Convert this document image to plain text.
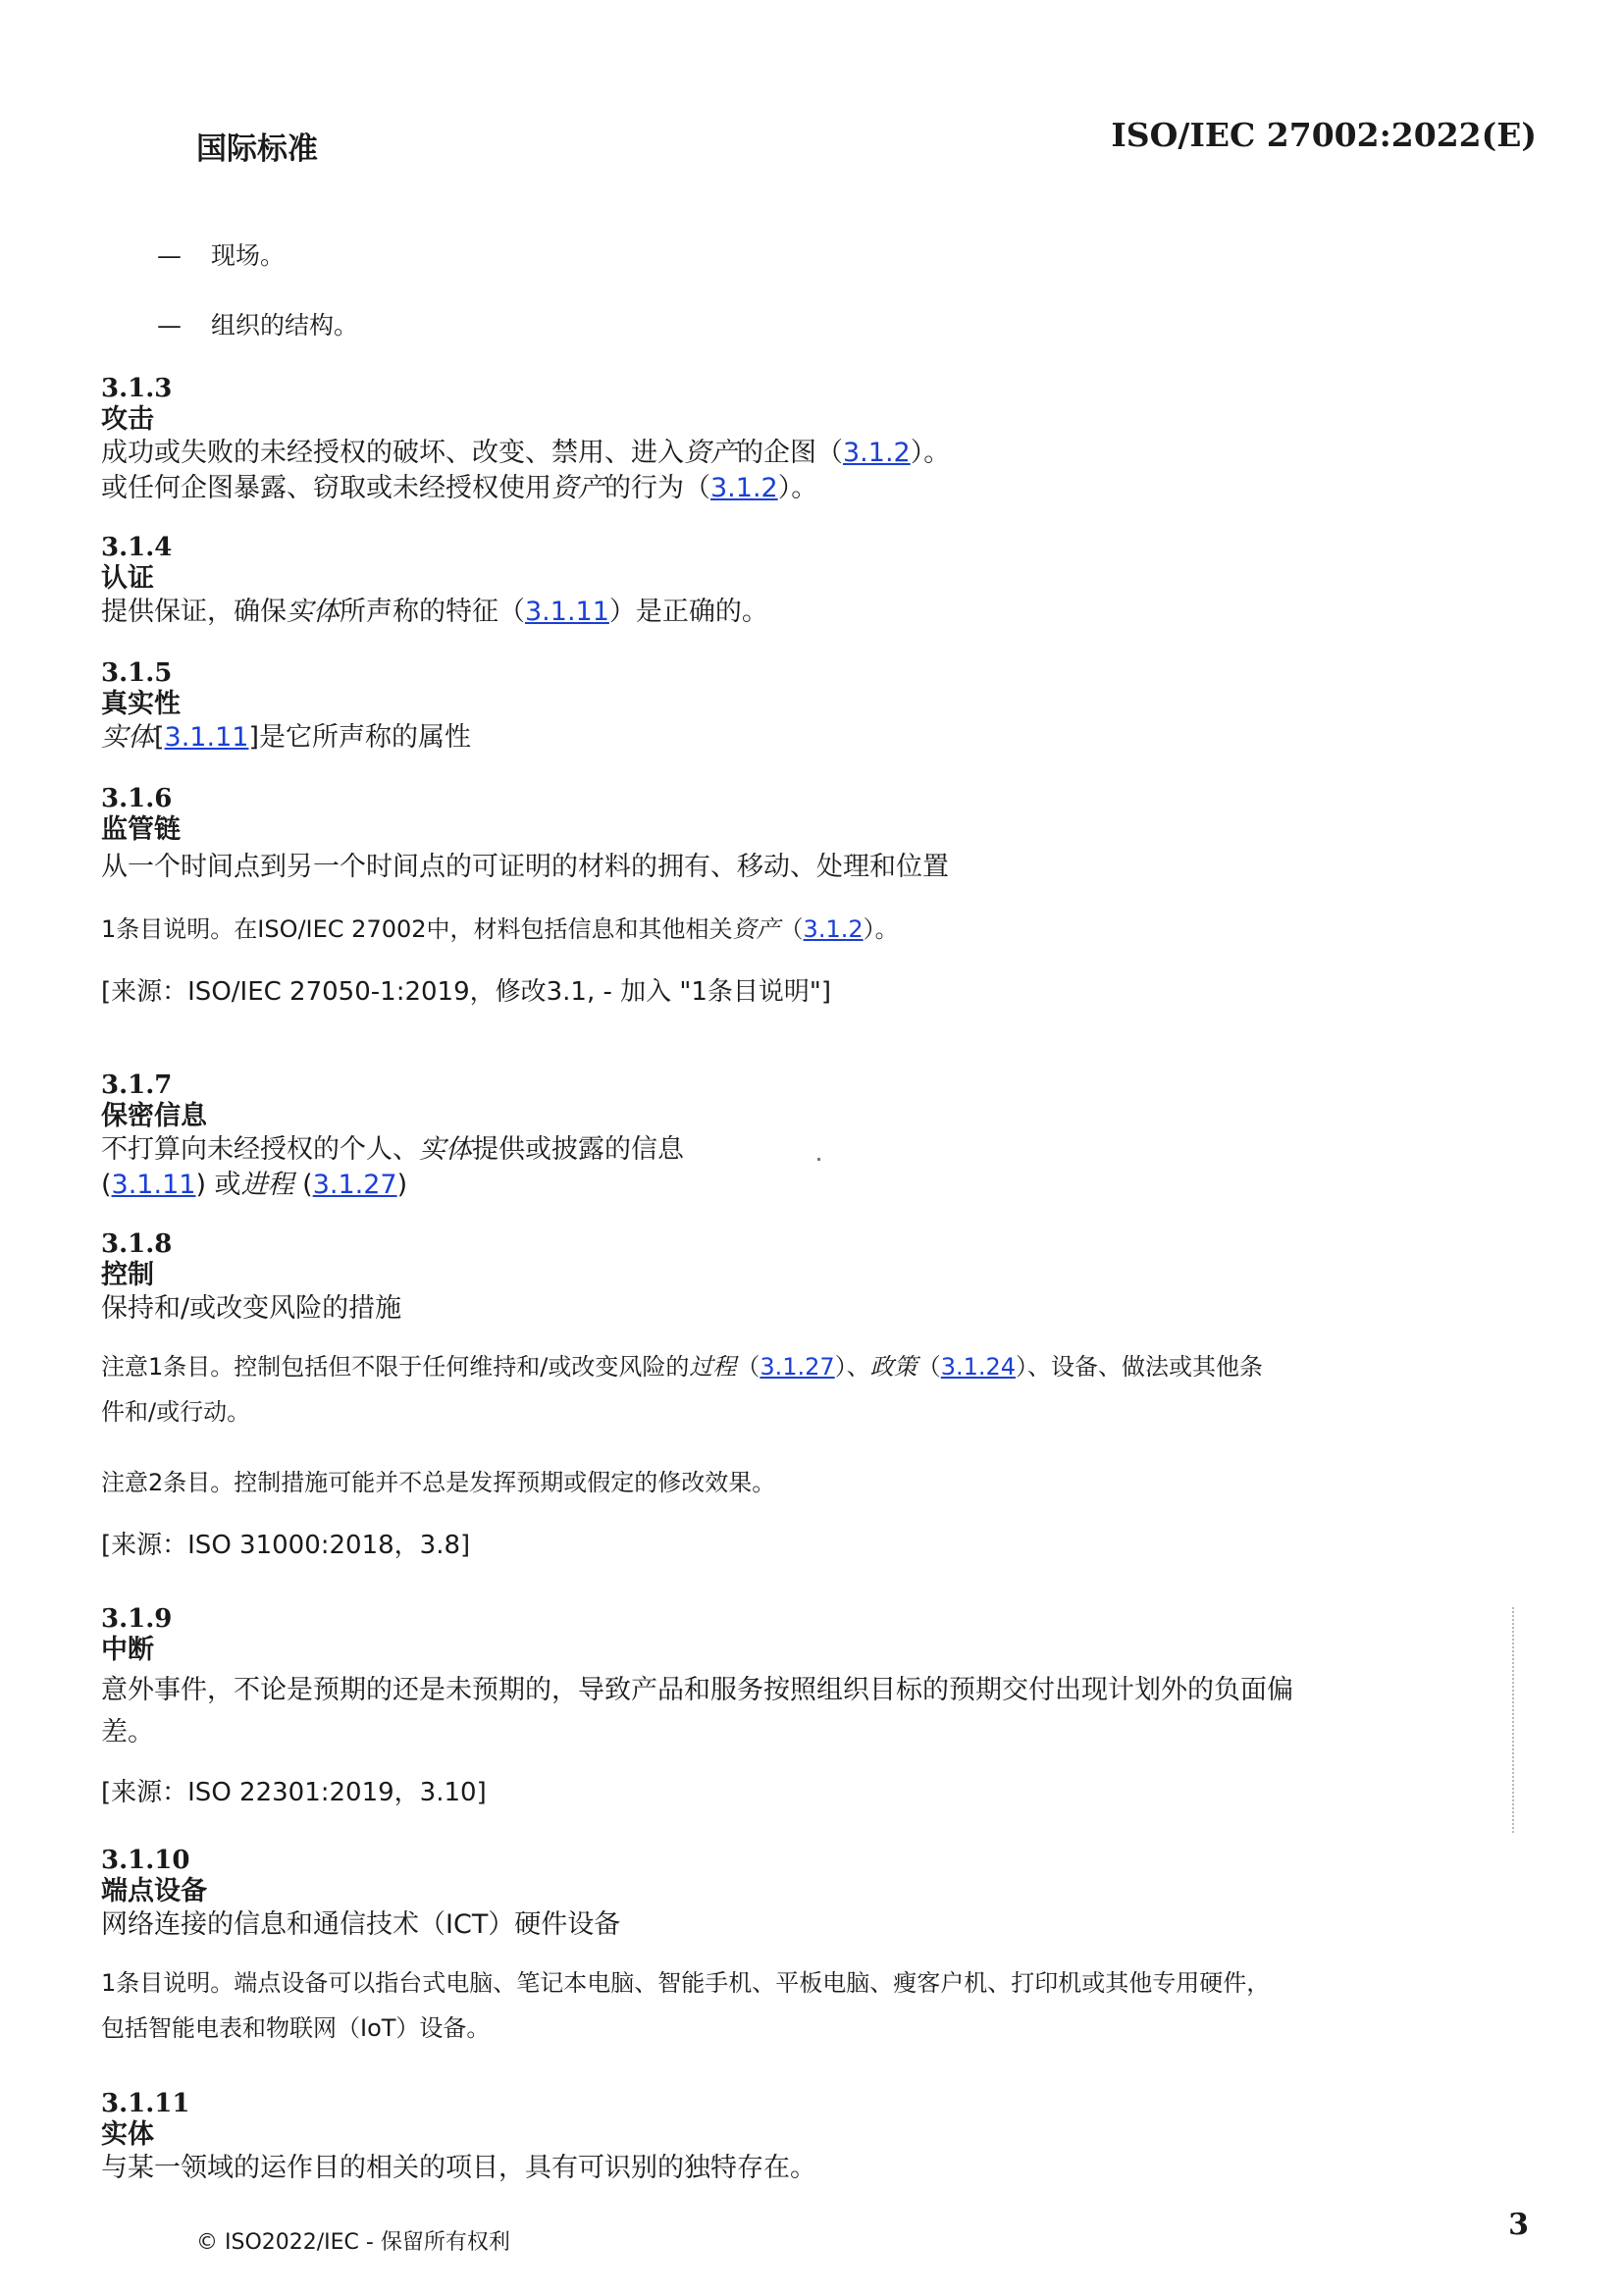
国际标准	ISO/IEC 27002:2022(E)
— 现场。
— 组织的结构。
3.1.3
攻击
成功或失败的未经授权的破坏、改变、禁用、进入资产的企图（3.1.2）。
或任何企图暴露、窃取或未经授权使用资产的行为（3.1.2）。
3.1.4
认证
提供保证，确保实体所声称的特征（3.1.11）是正确的。
3.1.5
真实性
实体[3.1.11]是它所声称的属性
3.1.6
监管链
从一个时间点到另一个时间点的可证明的材料的拥有、移动、处理和位置
1条目说明。在ISO/IEC 27002中，材料包括信息和其他相关资产（3.1.2）。
[来源：ISO/IEC 27050-1:2019，修改3.1, - 加入 "1条目说明"]
3.1.7
保密信息
不打算向未经授权的个人、实体提供或披露的信息
(3.1.11) 或进程 (3.1.27)
3.1.8
控制
保持和/或改变风险的措施
注意1条目。控制包括但不限于任何维持和/或改变风险的过程（3.1.27）、政策（3.1.24）、设备、做法或其他条
件和/或行动。
注意2条目。控制措施可能并不总是发挥预期或假定的修改效果。
[来源：ISO 31000:2018，3.8]
3.1.9
中断
意外事件，不论是预期的还是未预期的，导致产品和服务按照组织目标的预期交付出现计划外的负面偏
差。
[来源：ISO 22301:2019，3.10]
3.1.10
端点设备
网络连接的信息和通信技术（ICT）硬件设备
1条目说明。端点设备可以指台式电脑、笔记本电脑、智能手机、平板电脑、瘦客户机、打印机或其他专用硬件，
包括智能电表和物联网（IoT）设备。
3.1.11
实体
与某一领域的运作目的相关的项目，具有可识别的独特存在。
© ISO2022/IEC - 保留所有权利
3
